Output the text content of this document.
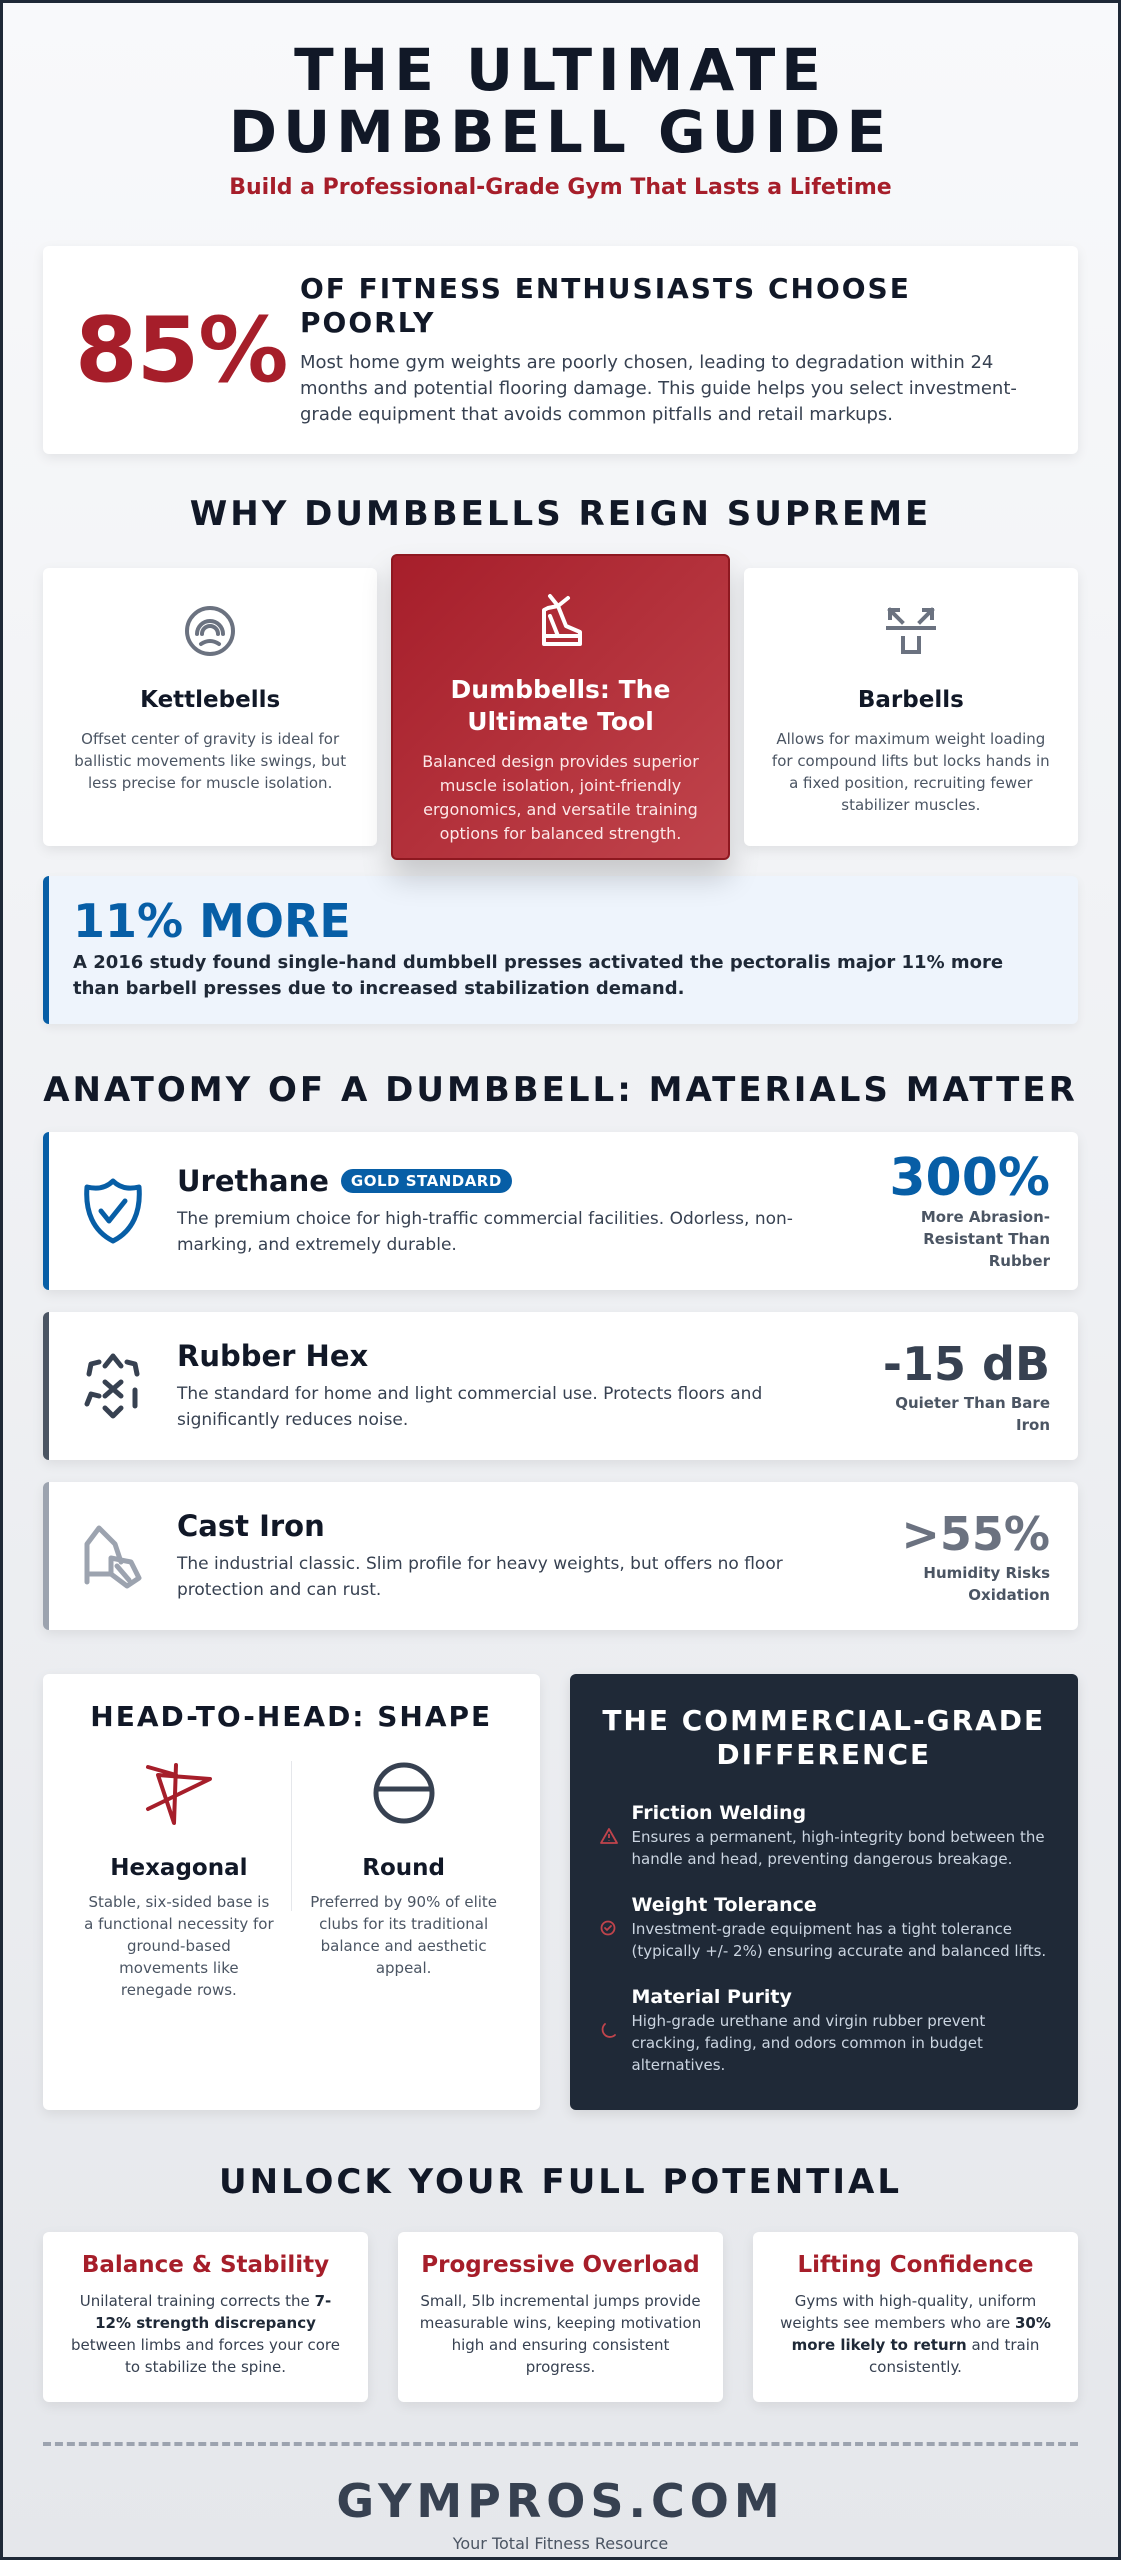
THE ULTIMATE DUMBBELL GUIDE
Build a Professional-Grade Gym That Lasts a Lifetime
85%
OF FITNESS ENTHUSIASTS CHOOSE POORLY

Most home gym weights are poorly chosen, leading to degradation within 24 months and potential flooring damage. This guide helps you select investment-grade equipment that avoids common pitfalls and retail markups.

WHY DUMBBELLS REIGN SUPREME
Kettlebells

Offset center of gravity is ideal for ballistic movements like swings, but less precise for muscle isolation.

Dumbbells: The Ultimate Tool

Balanced design provides superior muscle isolation, joint-friendly ergonomics, and versatile training options for balanced strength.

Barbells

Allows for maximum weight loading for compound lifts but locks hands in a fixed position, recruiting fewer stabilizer muscles.

11% MORE

A 2016 study found single-hand dumbbell presses activated the pectoralis major 11% more than barbell presses due to increased stabilization demand.

ANATOMY OF A DUMBBELL: MATERIALS MATTER
Urethane	GOLD STANDARD

The premium choice for high-traffic commercial facilities. Odorless, non-marking, and extremely durable.

300%
More Abrasion-Resistant Than Rubber
Rubber Hex

The standard for home and light commercial use. Protects floors and significantly reduces noise.

-15 dB
Quieter Than Bare Iron
Cast Iron

The industrial classic. Slim profile for heavy weights, but offers no floor protection and can rust.

>55%
Humidity Risks Oxidation
HEAD-TO-HEAD: SHAPE
Hexagonal

Stable, six-sided base is a functional necessity for ground-based movements like renegade rows.

Round

Preferred by 90% of elite clubs for its traditional balance and aesthetic appeal.

THE COMMERCIAL-GRADE DIFFERENCE
Friction Welding

Ensures a permanent, high-integrity bond between the handle and head, preventing dangerous breakage.

Weight Tolerance

Investment-grade equipment has a tight tolerance (typically +/- 2%) ensuring accurate and balanced lifts.

Material Purity

High-grade urethane and virgin rubber prevent cracking, fading, and odors common in budget alternatives.

UNLOCK YOUR FULL POTENTIAL
Balance & Stability

Unilateral training corrects the 7-12% strength discrepancy between limbs and forces your core to stabilize the spine.

Progressive Overload

Small, 5lb incremental jumps provide measurable wins, keeping motivation high and ensuring consistent progress.

Lifting Confidence

Gyms with high-quality, uniform weights see members who are 30% more likely to return and train consistently.

GYMPROS.COM
Your Total Fitness Resource
